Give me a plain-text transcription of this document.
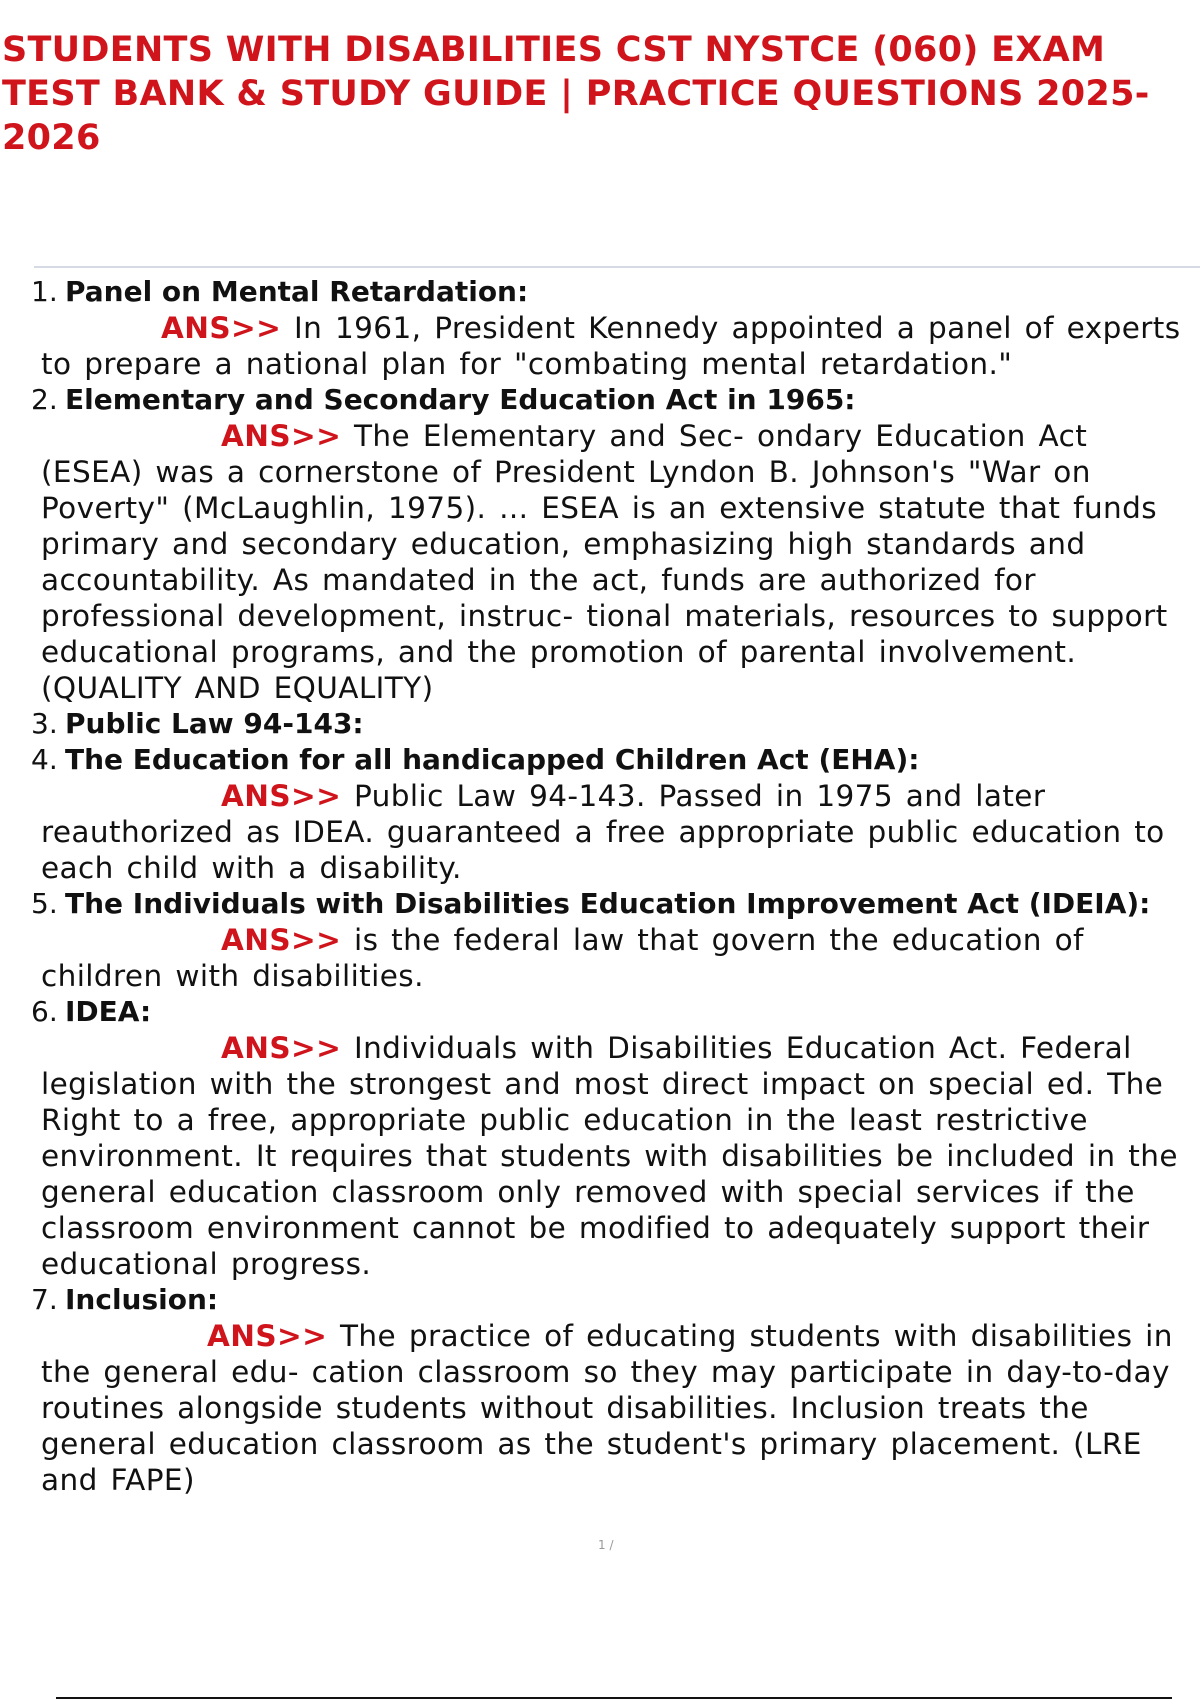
STUDENTS WITH DISABILITIES CST NYSTCE (060) EXAM TEST BANK & STUDY GUIDE | PRACTICE QUESTIONS 2025-2026
1. Panel on Mental Retardation:

ANS>> In 1961, President Kennedy appointed a panel of experts to prepare a national plan for "combating mental retardation."

2. Elementary and Secondary Education Act in 1965:

ANS>> The Elementary and Sec- ondary Education Act (ESEA) was a cornerstone of President Lyndon B. Johnson's "War on Poverty" (McLaughlin, 1975). ... ESEA is an extensive statute that funds primary and secondary education, emphasizing high standards and accountability. As mandated in the act, funds are authorized for professional development, instruc- tional materials, resources to support educational programs, and the promotion of parental involvement. (QUALITY AND EQUALITY)

3. Public Law 94-143:
4. The Education for all handicapped Children Act (EHA):

ANS>> Public Law 94-143. Passed in 1975 and later reauthorized as IDEA. guaranteed a free appropriate public education to each child with a disability.

5. The Individuals with Disabilities Education Improvement Act (IDEIA):

ANS>> is the federal law that govern the education of children with disabilities.

6. IDEA:

ANS>> Individuals with Disabilities Education Act. Federal legislation with the strongest and most direct impact on special ed. The Right to a free, appropriate public education in the least restrictive environment. It requires that students with disabilities be included in the general education classroom only removed with special services if the classroom environment cannot be modified to adequately support their educational progress.

7. Inclusion:

ANS>> The practice of educating students with disabilities in the general edu- cation classroom so they may participate in day-to-day routines alongside students without disabilities. Inclusion treats the general education classroom as the student's primary placement. (LRE and FAPE)

1 /
